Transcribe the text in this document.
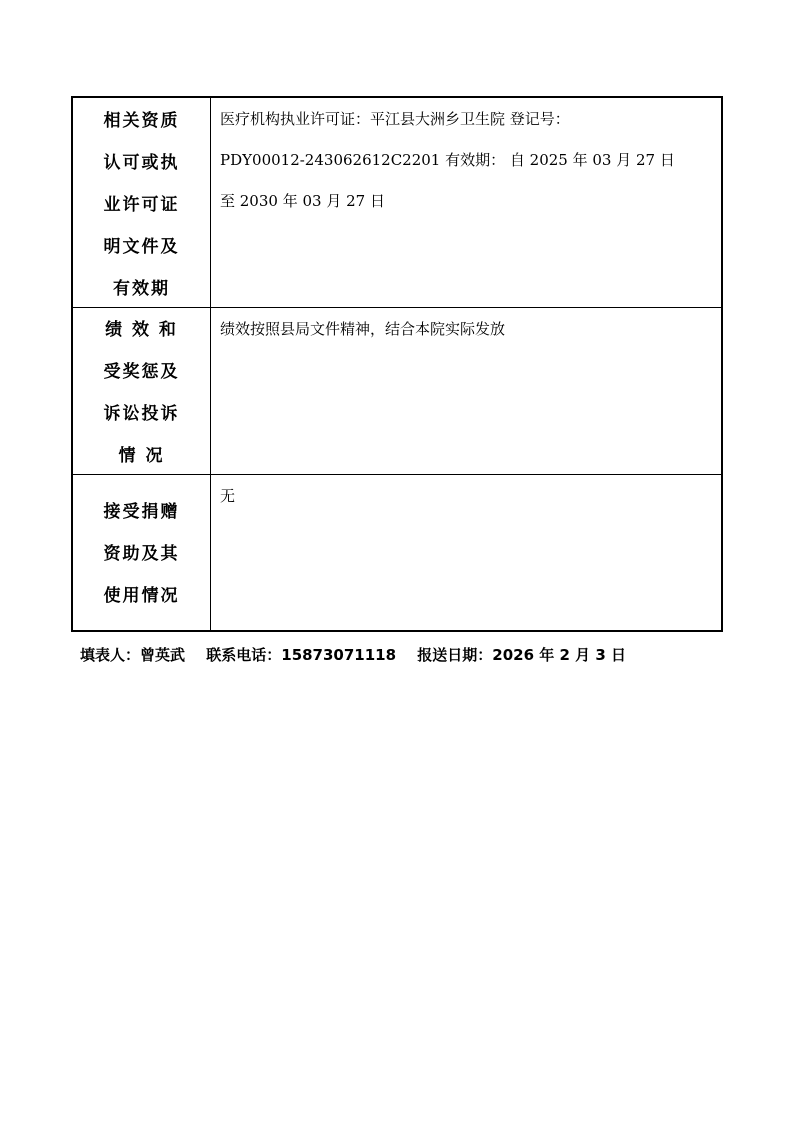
相关资质
认可或执
业许可证
明文件及
有效期
医疗机构执业许可证：平江县大洲乡卫生院 登记号：
PDY00012-243062612C2201 有效期： 自 2025 年 03 月 27 日
至 2030 年 03 月 27 日
绩 效 和
受奖惩及
诉讼投诉
情 况
绩效按照县局文件精神，结合本院实际发放
接受捐赠
资助及其
使用情况
无
填表人：曾英武 联系电话：15873071118 报送日期：2026 年 2 月 3 日
